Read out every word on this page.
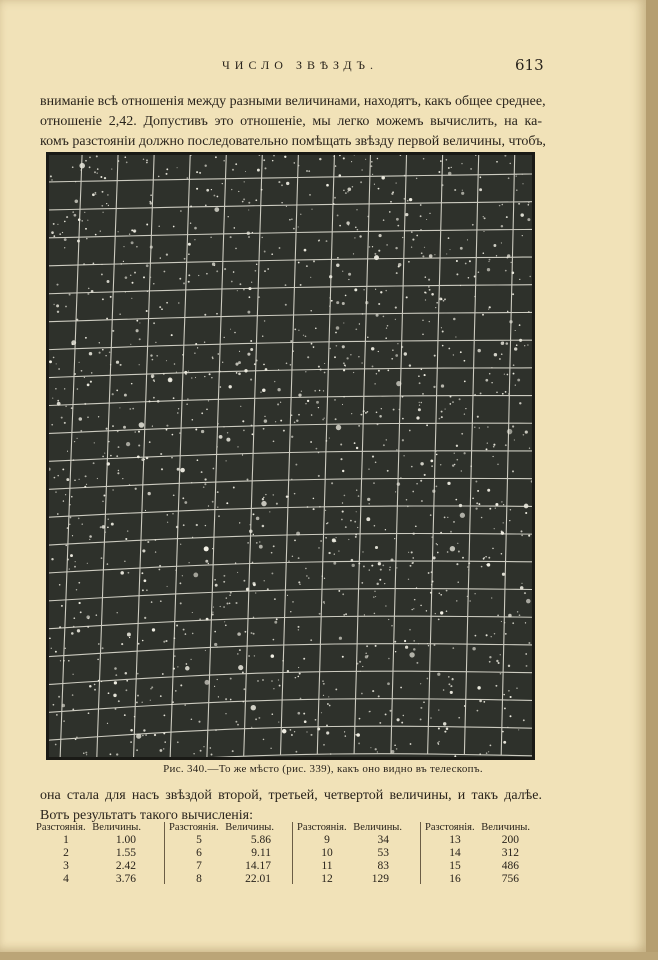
ЧИСЛО ЗВѢЗДЪ.	613
вниманіе всѣ отношенія между разными величинами, находятъ, какъ общее среднее,
отношеніе 2,42. Допустивъ это отношеніе, мы легко можемъ вычислить, на ка-
комъ разстояніи должно последовательно помѣщать звѣзду первой величины, чтобъ,
Рис. 340.—То же мѣсто (рис. 339), какъ оно видно въ телескопъ.
она стала для насъ звѣздой второй, третьей, четвертой величины, и такъ далѣе.
Вотъ результатъ такого вычисленія:
Разстоянія. Величины.
1	1.00
2	1.55
3	2.42
4	3.76
Разстоянія. Величины.
5	5.86
6	9.11
7	14.17
8	22.01
Разстоянія. Величины.
9	34
10	53
11	83
12	129
Разстоянія. Величины.
13	200
14	312
15	486
16	756
